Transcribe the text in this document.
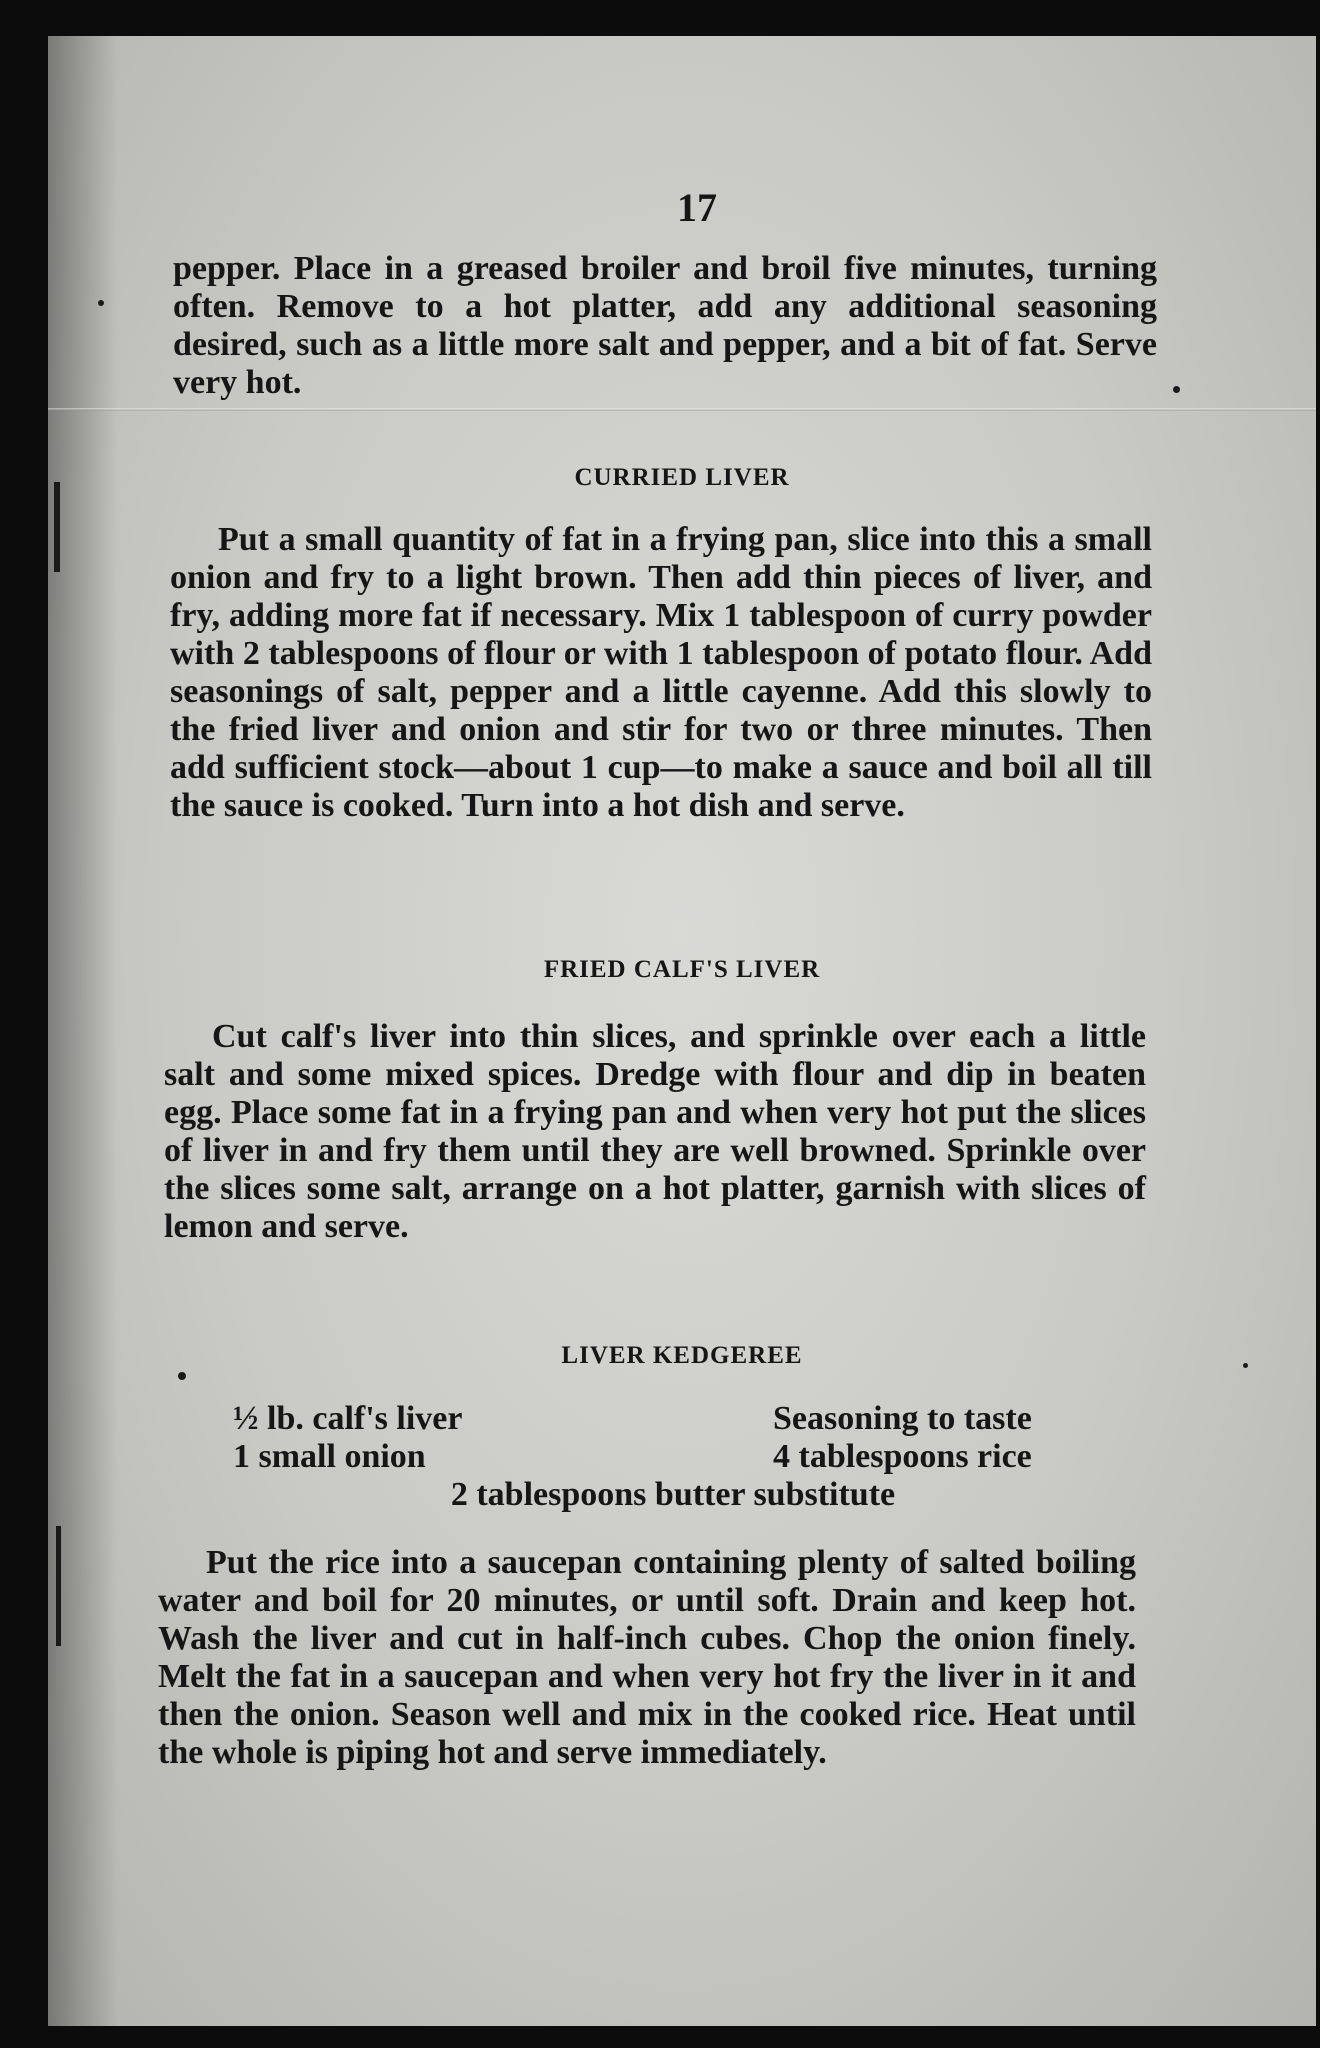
17

pepper. Place in a greased broiler and broil five minutes, turning often. Remove to a hot platter, add any additional seasoning desired, such as a little more salt and pepper, and a bit of fat. Serve very hot.

CURRIED LIVER

Put a small quantity of fat in a frying pan, slice into this a small onion and fry to a light brown. Then add thin pieces of liver, and fry, adding more fat if necessary. Mix 1 tablespoon of curry powder with 2 tablespoons of flour or with 1 tablespoon of potato flour. Add seasonings of salt, pepper and a little cayenne. Add this slowly to the fried liver and onion and stir for two or three minutes. Then add sufficient stock—about 1 cup—to make a sauce and boil all till the sauce is cooked. Turn into a hot dish and serve.

FRIED CALF'S LIVER

Cut calf's liver into thin slices, and sprinkle over each a little salt and some mixed spices. Dredge with flour and dip in beaten egg. Place some fat in a frying pan and when very hot put the slices of liver in and fry them until they are well browned. Sprinkle over the slices some salt, arrange on a hot platter, garnish with slices of lemon and serve.

LIVER KEDGEREE
½ lb. calf's liver	Seasoning to taste
1 small onion	4 tablespoons rice
2 tablespoons butter substitute

Put the rice into a saucepan containing plenty of salted boiling water and boil for 20 minutes, or until soft. Drain and keep hot. Wash the liver and cut in half-inch cubes. Chop the onion finely. Melt the fat in a saucepan and when very hot fry the liver in it and then the onion. Season well and mix in the cooked rice. Heat until the whole is piping hot and serve immediately.
